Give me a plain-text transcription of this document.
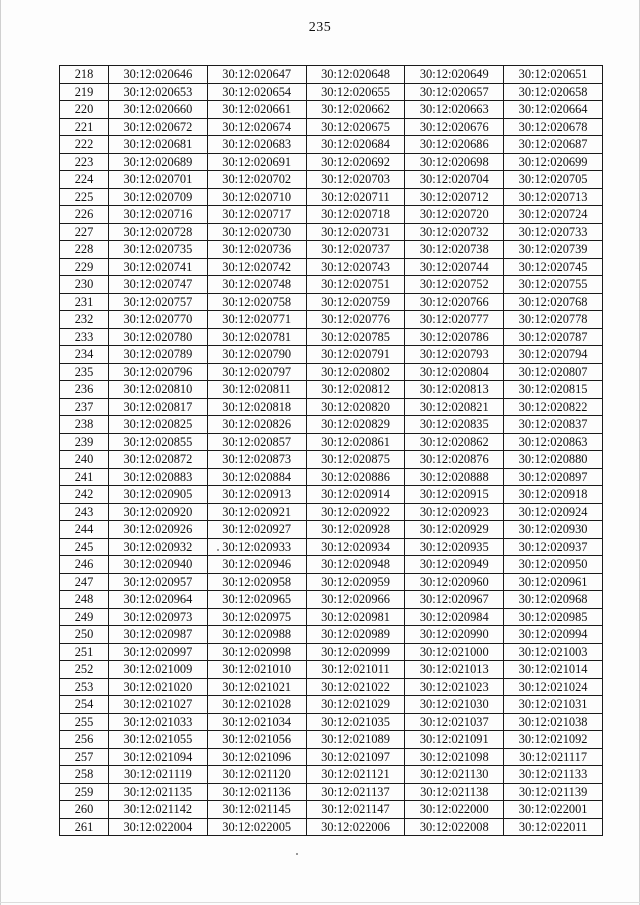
235
218	30:12:020646	30:12:020647	30:12:020648	30:12:020649	30:12:020651
219	30:12:020653	30:12:020654	30:12:020655	30:12:020657	30:12:020658
220	30:12:020660	30:12:020661	30:12:020662	30:12:020663	30:12:020664
221	30:12:020672	30:12:020674	30:12:020675	30:12:020676	30:12:020678
222	30:12:020681	30:12:020683	30:12:020684	30:12:020686	30:12:020687
223	30:12:020689	30:12:020691	30:12:020692	30:12:020698	30:12:020699
224	30:12:020701	30:12:020702	30:12:020703	30:12:020704	30:12:020705
225	30:12:020709	30:12:020710	30:12:020711	30:12:020712	30:12:020713
226	30:12:020716	30:12:020717	30:12:020718	30:12:020720	30:12:020724
227	30:12:020728	30:12:020730	30:12:020731	30:12:020732	30:12:020733
228	30:12:020735	30:12:020736	30:12:020737	30:12:020738	30:12:020739
229	30:12:020741	30:12:020742	30:12:020743	30:12:020744	30:12:020745
230	30:12:020747	30:12:020748	30:12:020751	30:12:020752	30:12:020755
231	30:12:020757	30:12:020758	30:12:020759	30:12:020766	30:12:020768
232	30:12:020770	30:12:020771	30:12:020776	30:12:020777	30:12:020778
233	30:12:020780	30:12:020781	30:12:020785	30:12:020786	30:12:020787
234	30:12:020789	30:12:020790	30:12:020791	30:12:020793	30:12:020794
235	30:12:020796	30:12:020797	30:12:020802	30:12:020804	30:12:020807
236	30:12:020810	30:12:020811	30:12:020812	30:12:020813	30:12:020815
237	30:12:020817	30:12:020818	30:12:020820	30:12:020821	30:12:020822
238	30:12:020825	30:12:020826	30:12:020829	30:12:020835	30:12:020837
239	30:12:020855	30:12:020857	30:12:020861	30:12:020862	30:12:020863
240	30:12:020872	30:12:020873	30:12:020875	30:12:020876	30:12:020880
241	30:12:020883	30:12:020884	30:12:020886	30:12:020888	30:12:020897
242	30:12:020905	30:12:020913	30:12:020914	30:12:020915	30:12:020918
243	30:12:020920	30:12:020921	30:12:020922	30:12:020923	30:12:020924
244	30:12:020926	30:12:020927	30:12:020928	30:12:020929	30:12:020930
245	30:12:020932	30:12:020933	30:12:020934	30:12:020935	30:12:020937
246	30:12:020940	30:12:020946	30:12:020948	30:12:020949	30:12:020950
247	30:12:020957	30:12:020958	30:12:020959	30:12:020960	30:12:020961
248	30:12:020964	30:12:020965	30:12:020966	30:12:020967	30:12:020968
249	30:12:020973	30:12:020975	30:12:020981	30:12:020984	30:12:020985
250	30:12:020987	30:12:020988	30:12:020989	30:12:020990	30:12:020994
251	30:12:020997	30:12:020998	30:12:020999	30:12:021000	30:12:021003
252	30:12:021009	30:12:021010	30:12:021011	30:12:021013	30:12:021014
253	30:12:021020	30:12:021021	30:12:021022	30:12:021023	30:12:021024
254	30:12:021027	30:12:021028	30:12:021029	30:12:021030	30:12:021031
255	30:12:021033	30:12:021034	30:12:021035	30:12:021037	30:12:021038
256	30:12:021055	30:12:021056	30:12:021089	30:12:021091	30:12:021092
257	30:12:021094	30:12:021096	30:12:021097	30:12:021098	30:12:021117
258	30:12:021119	30:12:021120	30:12:021121	30:12:021130	30:12:021133
259	30:12:021135	30:12:021136	30:12:021137	30:12:021138	30:12:021139
260	30:12:021142	30:12:021145	30:12:021147	30:12:022000	30:12:022001
261	30:12:022004	30:12:022005	30:12:022006	30:12:022008	30:12:022011
